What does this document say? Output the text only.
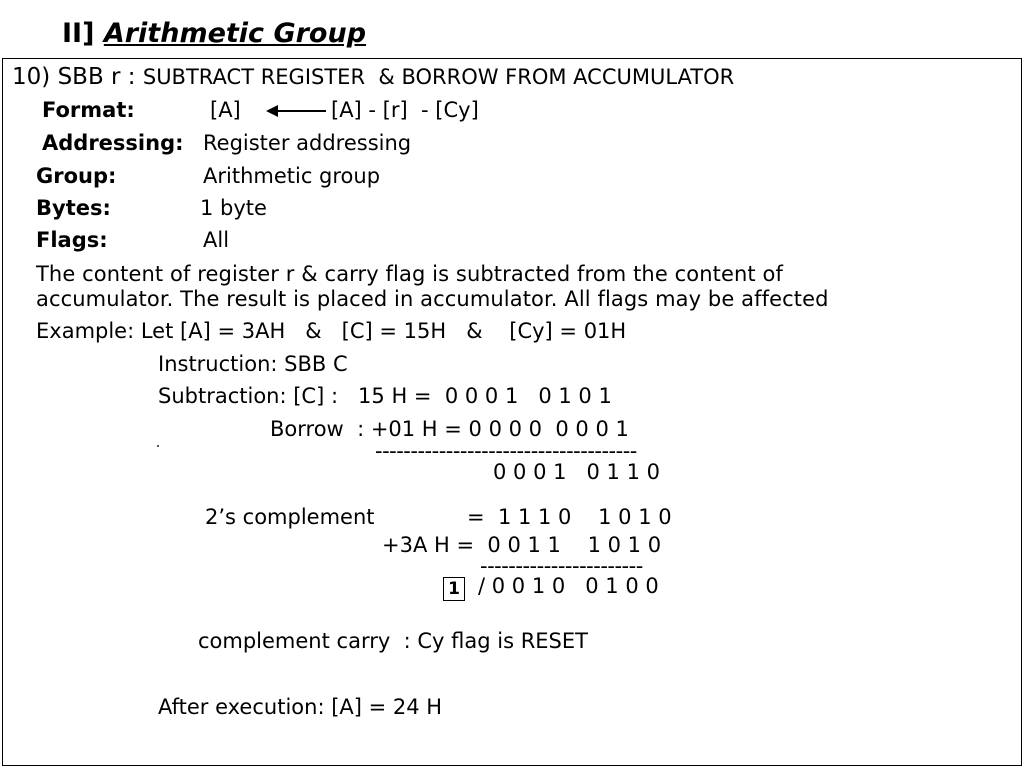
II] Arithmetic Group
10) SBB r : SUBTRACT REGISTER  & BORROW FROM ACCUMULATOR
Format:	[A]	[A] - [r]  - [Cy]
Addressing: Register addressing
Group:	Arithmetic group
Bytes:	1 byte
Flags:	All
The content of register r & carry flag is subtracted from the content of
accumulator. The result is placed in accumulator. All flags may be affected
Example: Let [A] = 3AH   &   [C] = 15H   &    [Cy] = 01H
Instruction: SBB C
Subtraction: [C] :   15 H =  0 0 0 1   0 1 0 1
Borrow  : +01 H = 0 0 0 0  0 0 0 1
-------------------------------------
0 0 0 1   0 1 1 0
2’s complement	=  1 1 1 0    1 0 1 0
+3A H =  0 0 1 1    1 0 1 0
-----------------------
1 / 0 0 1 0   0 1 0 0
complement carry  : Cy flag is RESET
After execution: [A] = 24 H
